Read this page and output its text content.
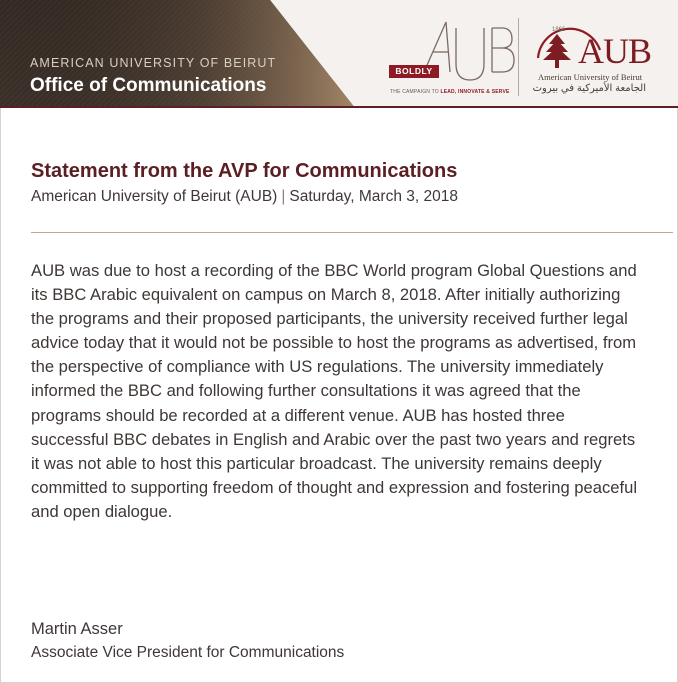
AMERICAN UNIVERSITY OF BEIRUT
Office of Communications
BOLDLY
THE CAMPAIGN TO LEAD, INNOVATE & SERVE
1866
AUB
American University of Beirut
الجامعة الأميركية في بيروت
Statement from the AVP for Communications
American University of Beirut (AUB) | Saturday, March 3, 2018
AUB was due to host a recording of the BBC World program Global Questions and its BBC Arabic equivalent on campus on March 8, 2018. After initially authorizing the programs and their proposed participants, the university received further legal advice today that it would not be possible to host the programs as advertised, from the perspective of compliance with US regulations. The university immediately informed the BBC and following further consultations it was agreed that the programs should be recorded at a different venue. AUB has hosted three successful BBC debates in English and Arabic over the past two years and regrets it was not able to host this particular broadcast. The university remains deeply committed to supporting freedom of thought and expression and fostering peaceful and open dialogue.
Martin Asser
Associate Vice President for Communications
